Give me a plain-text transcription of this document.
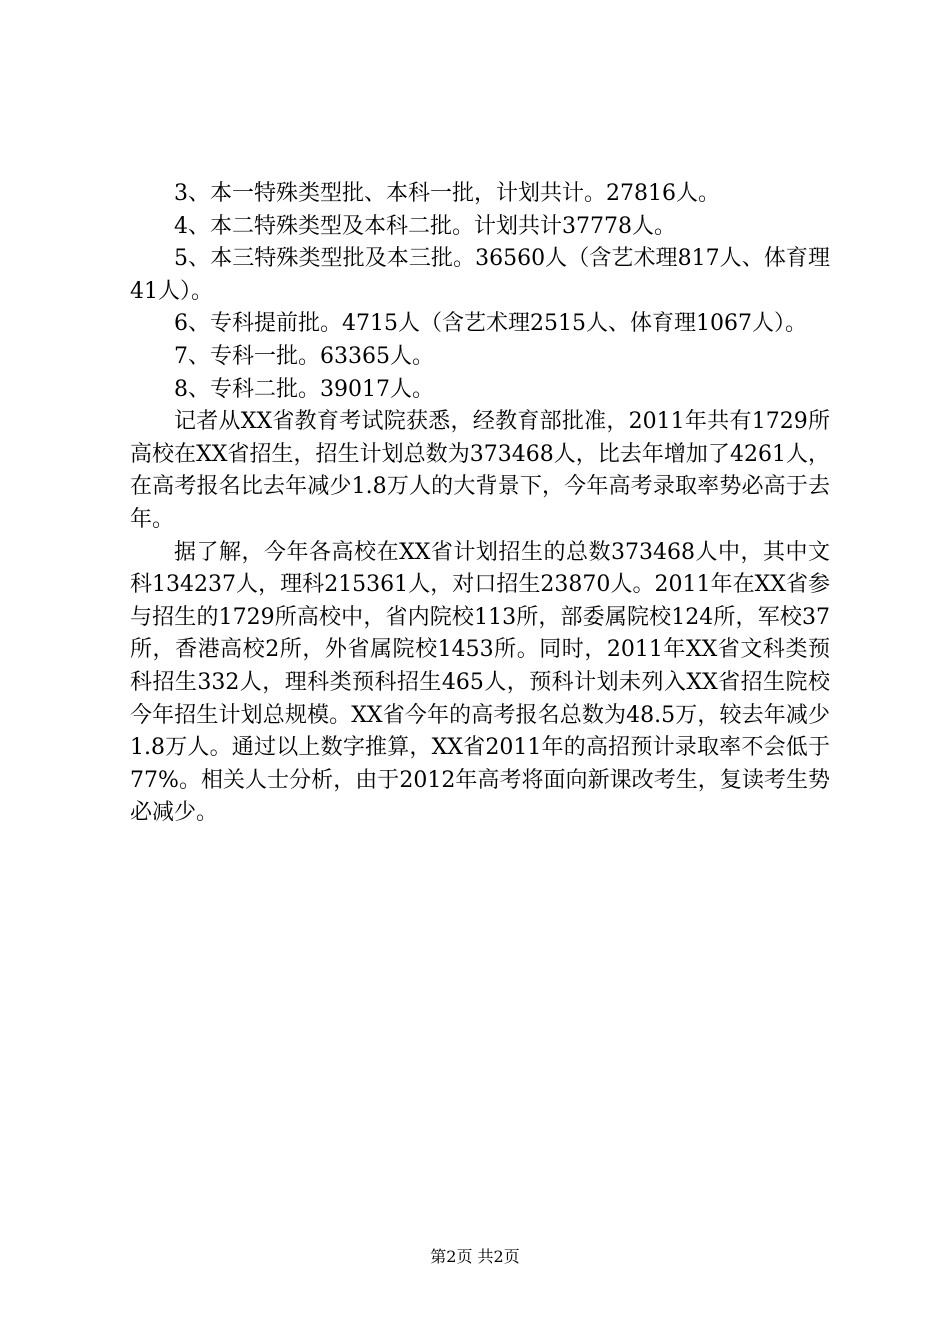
3、本一特殊类型批、本科一批，计划共计。27816人。

4、本二特殊类型及本科二批。计划共计37778人。

5、本三特殊类型批及本三批。36560人（含艺术理817人、体育理41人）。

6、专科提前批。4715人（含艺术理2515人、体育理1067人）。

7、专科一批。63365人。

8、专科二批。39017人。

记者从XX省教育考试院获悉，经教育部批准，2011年共有1729所高校在XX省招生，招生计划总数为373468人，比去年增加了4261人，在高考报名比去年减少1.8万人的大背景下，今年高考录取率势必高于去年。

据了解，今年各高校在XX省计划招生的总数373468人中，其中文科134237人，理科215361人，对口招生23870人。2011年在XX省参与招生的1729所高校中，省内院校113所，部委属院校124所，军校37所，香港高校2所，外省属院校1453所。同时，2011年XX省文科类预科招生332人，理科类预科招生465人，预科计划未列入XX省招生院校今年招生计划总规模。XX省今年的高考报名总数为48.5万，较去年减少1.8万人。通过以上数字推算，XX省2011年的高招预计录取率不会低于77%。相关人士分析，由于2012年高考将面向新课改考生，复读考生势必减少。

第2页 共2页
